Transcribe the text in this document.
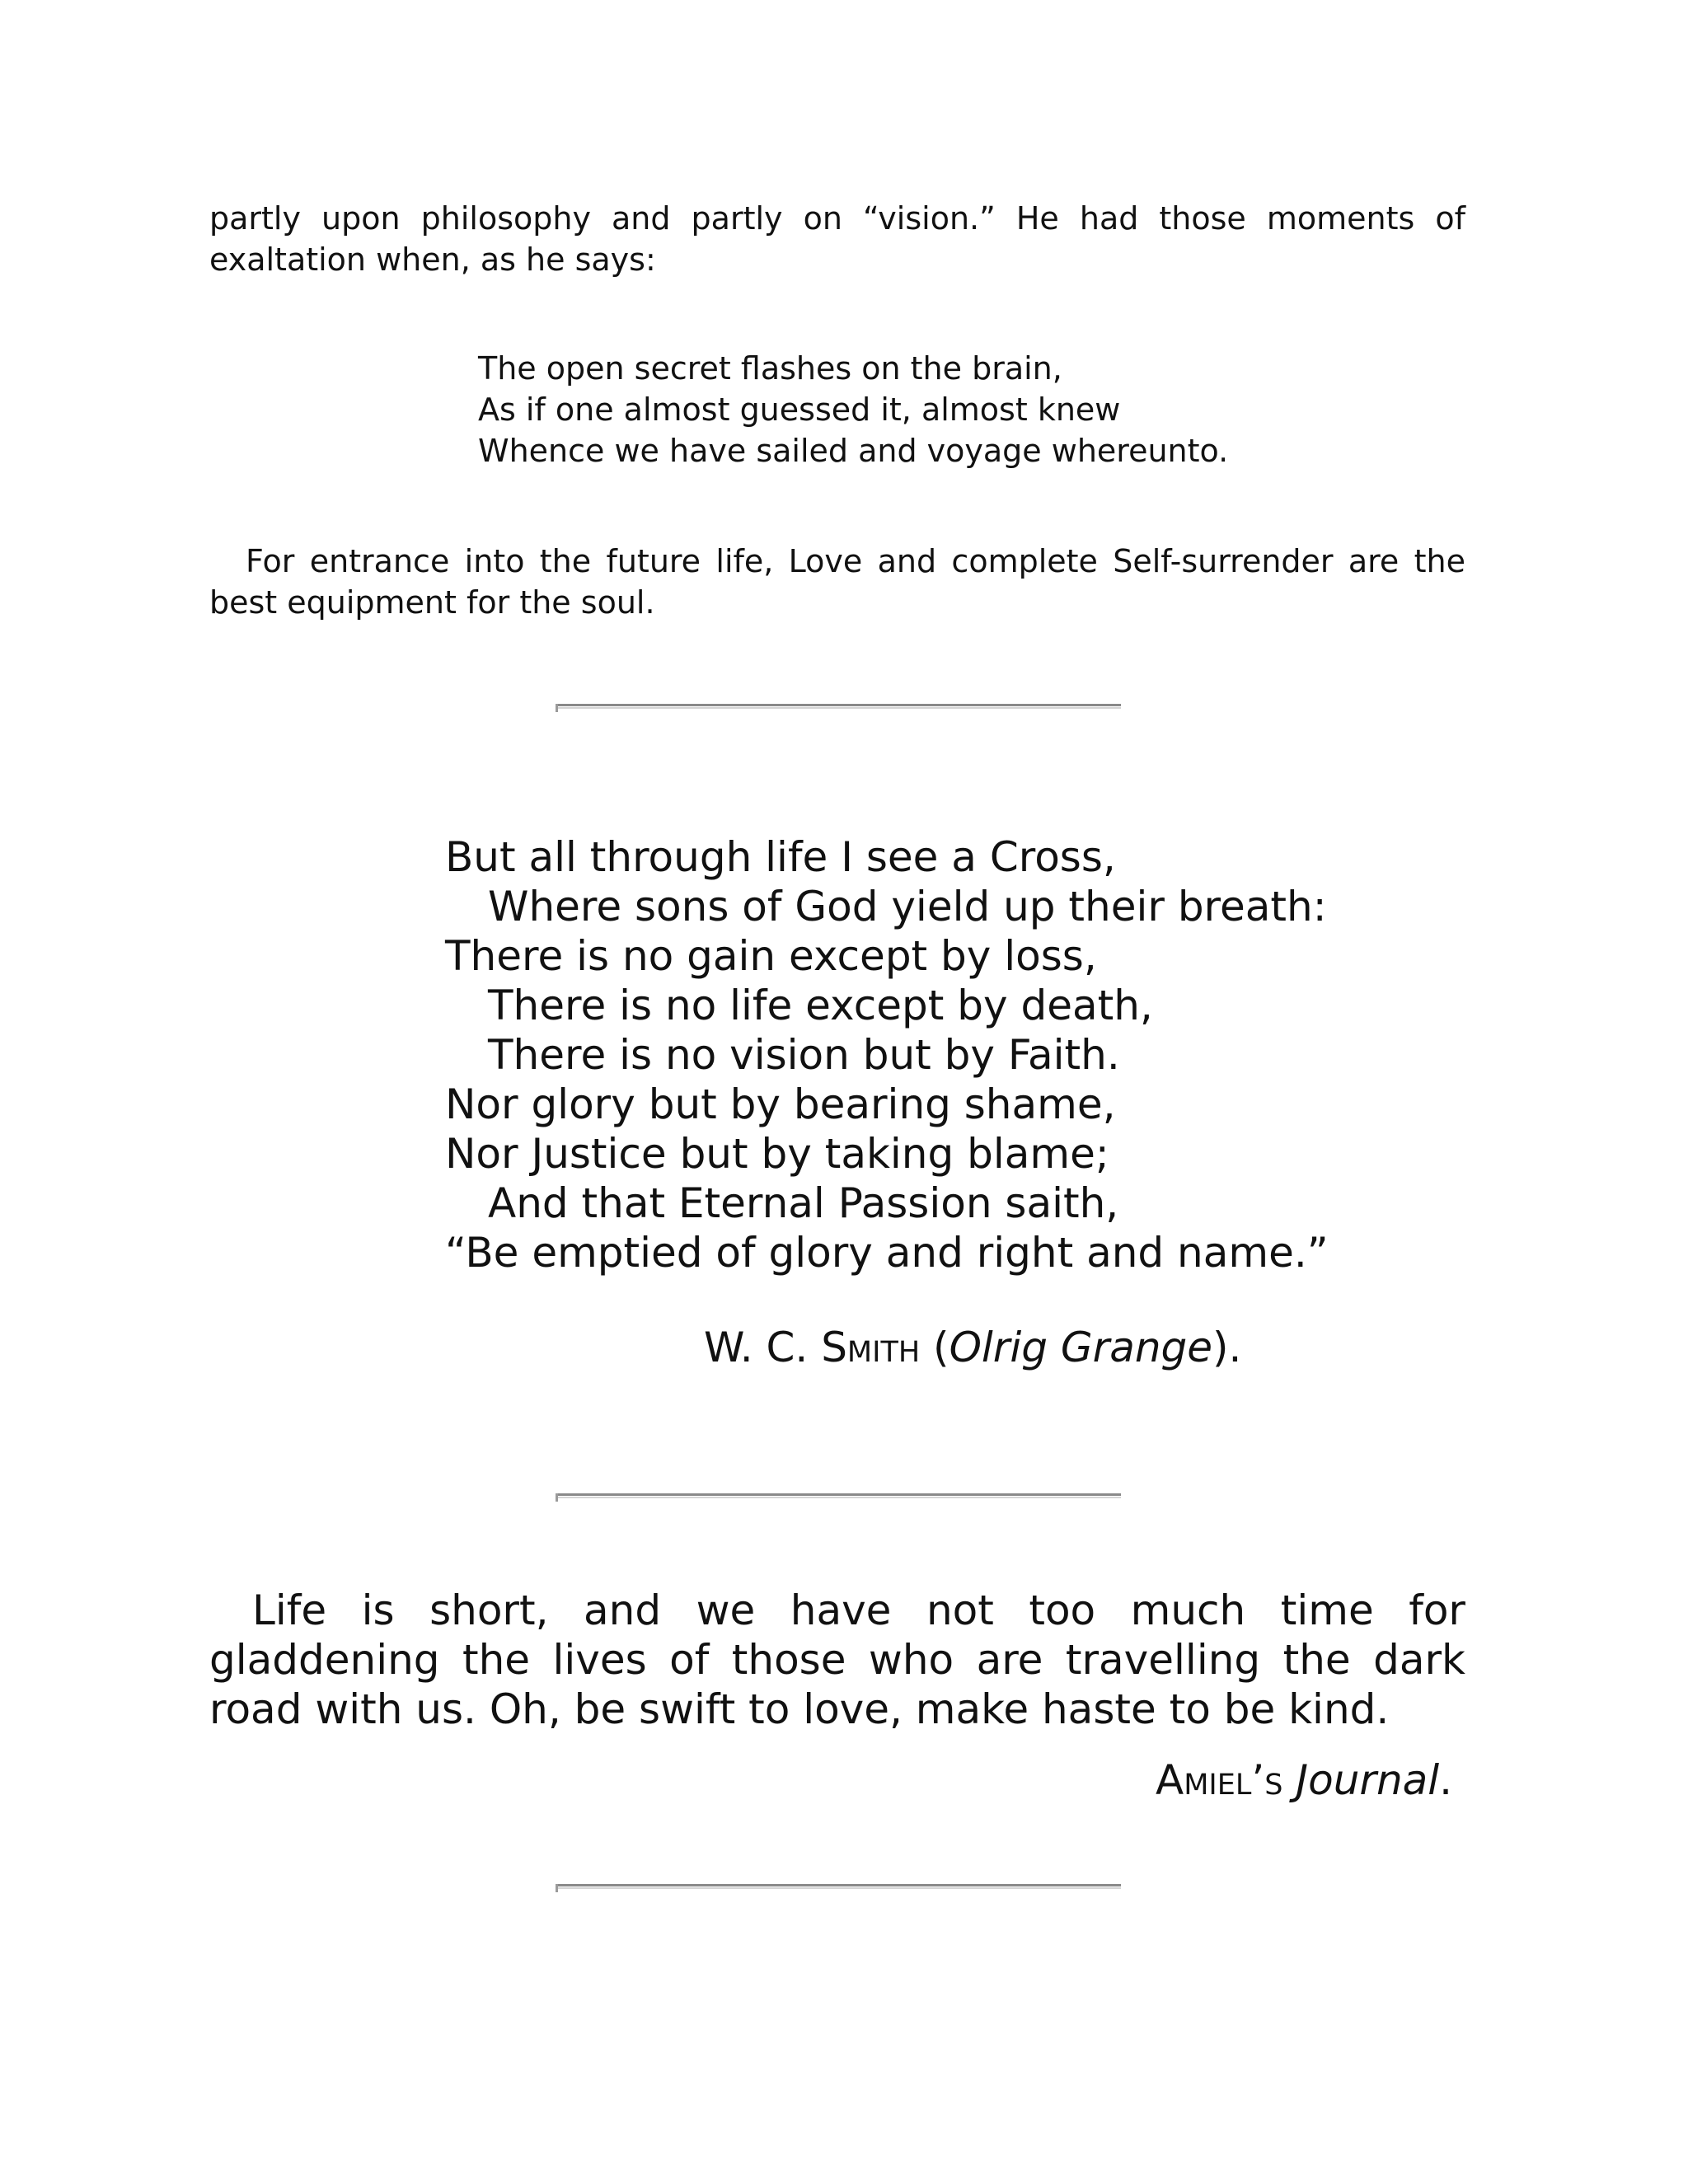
partly upon philosophy and partly on “vision.” He had those moments of exaltation when, as he says:
The open secret flashes on the brain,
As if one almost guessed it, almost knew
Whence we have sailed and voyage whereunto.
For entrance into the future life, Love and complete Self-surrender are the best equipment for the soul.
But all through life I see a Cross,
Where sons of God yield up their breath:
There is no gain except by loss,
There is no life except by death,
There is no vision but by Faith.
Nor glory but by bearing shame,
Nor Justice but by taking blame;
And that Eternal Passion saith,
“Be emptied of glory and right and name.”
W. C. Smith (Olrig Grange).
Life is short, and we have not too much time for gladdening the lives of those who are travelling the dark road with us. Oh, be swift to love, make haste to be kind.
Amiel’s Journal.
